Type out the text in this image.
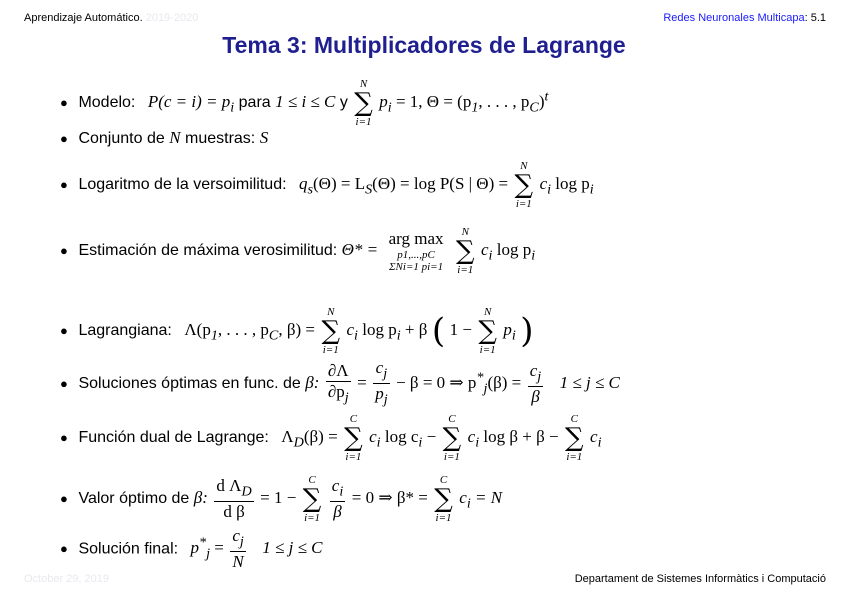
Aprendizaje Automático. 2019-2020	Redes Neuronales Multicapa: 5.1
Tema 3: Multiplicadores de Lagrange
● Modelo: $P(c = i) = p_i$ para 1 ≤ i ≤ C y
N
∑
i=1
$p_i = 1$, $\Theta = (p_1$, . . . , $p_C)^t$
● Conjunto de N muestras: S
● Logaritmo de la versoimilitud: $q_s(\Theta) = L_S(\Theta) = \log P(S$ | Θ) =
N
∑
i=1
$c_i$ $\log p_i$
● Estimación de máxima verosimilitud: Θ* =
arg max
p1,...,pC
ΣNi=1 pi=1

N
∑
i=1
$c_i$ $\log p_i$
● Lagrangiana: $\Lambda(p_1$, . . . , $p_C$, β) =
N
∑
i=1
$c_i$ $\log p_i + \beta$ ( 1 −
N
∑
i=1
$p_i$ )
● Soluciones óptimas en func. de β: $\frac{\partial\Lambda}{\partial p_j} = \frac{c_j}{p_j} - \beta = 0$ ⇒ $p^*_j(\beta) = \frac{c_j}{\beta} 1 \le j \le C$
● Función dual de Lagrange: $\Lambda_D(\beta)$ =
C
∑
i=1
$c_i$ $\log c_i$ −
C
∑
i=1
$c_i$ log β + β −
C
∑
i=1
$c_i$
● Valor óptimo de β: $\frac{d \Lambda_D}{\text{d β}} = 1$ −
C
∑
i=1
$\frac{c_i}{\beta} = 0$ ⇒ β* =
C
∑
i=1
$c_i = N$
● Solución final: $p^*_j = \frac{c_j}{N} 1 \le j \le C$
October 29, 2019	Departament de Sistemes Informàtics i Computació
